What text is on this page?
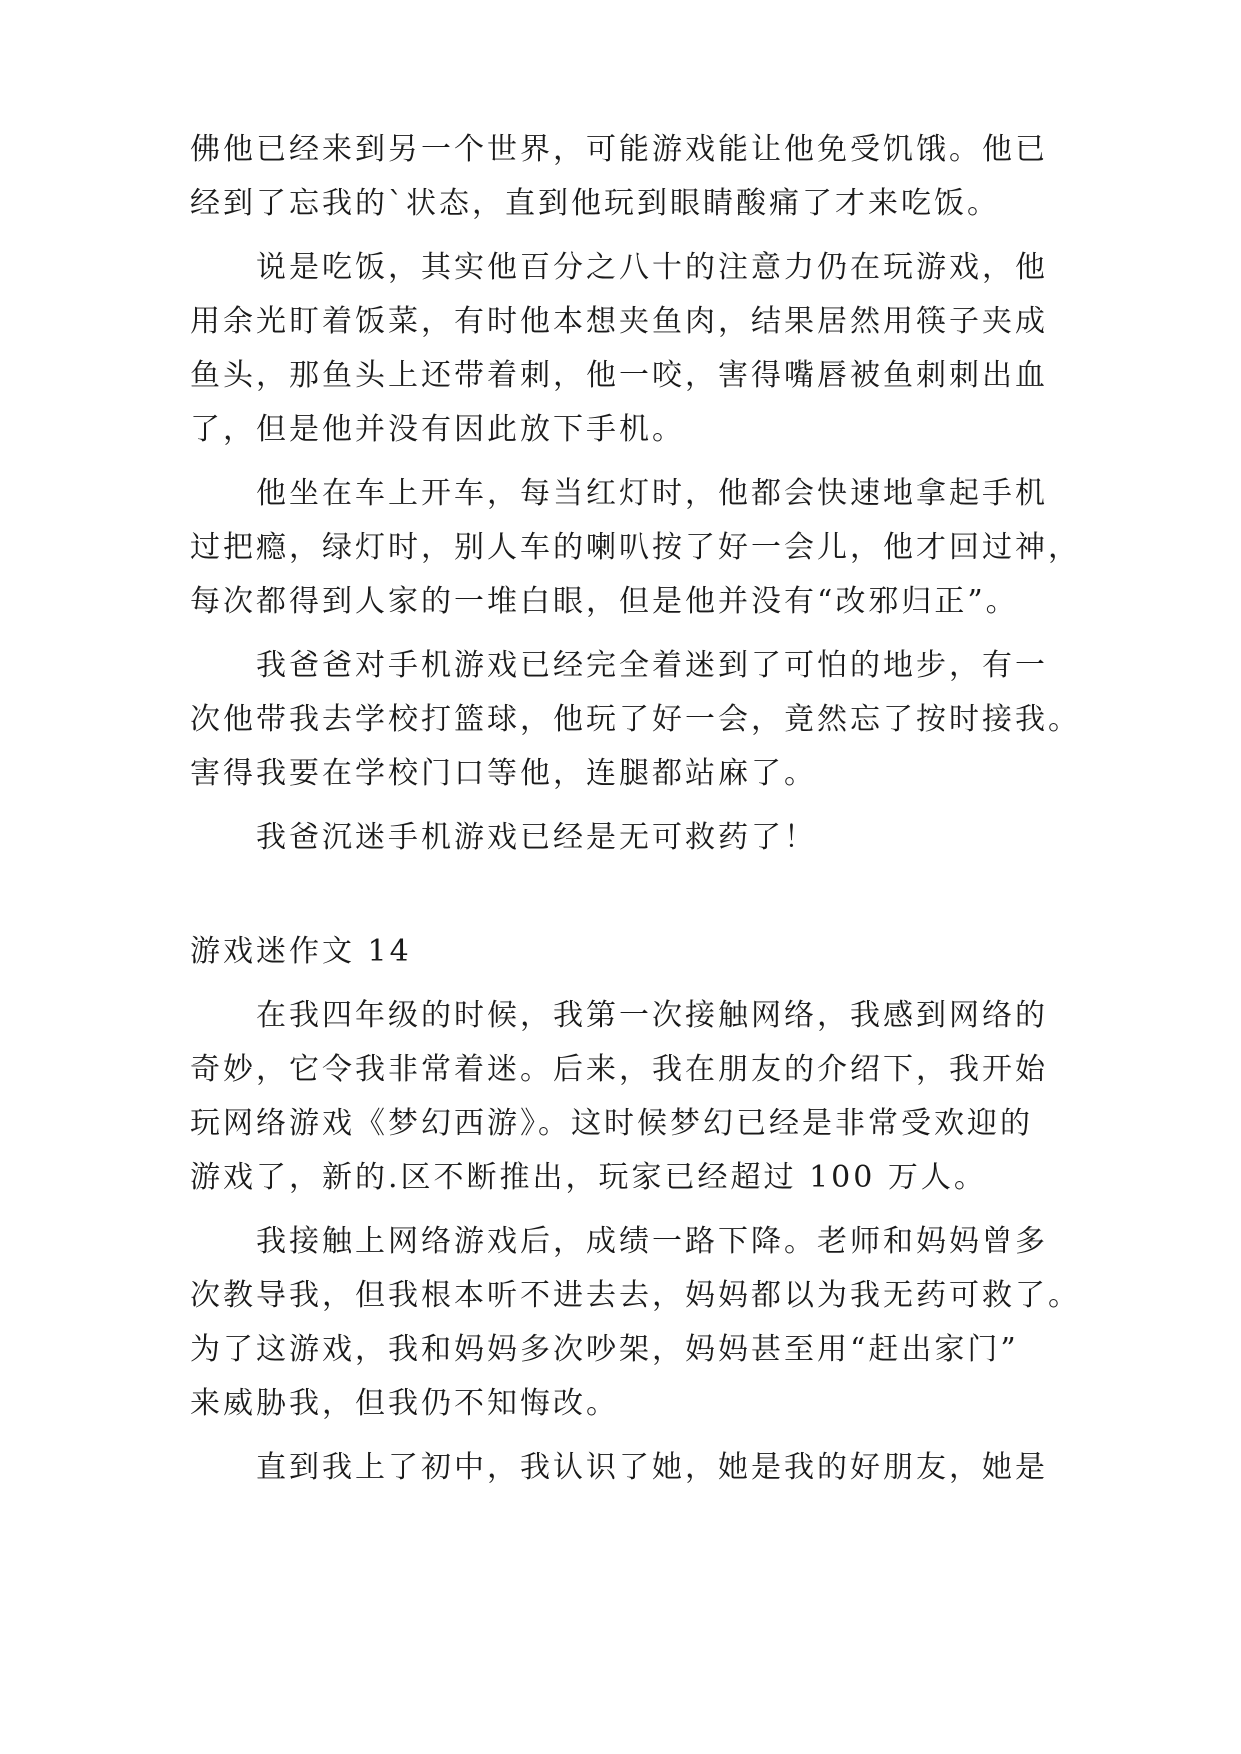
佛他已经来到另一个世界，可能游戏能让他免受饥饿。他已
经到了忘我的`状态，直到他玩到眼睛酸痛了才来吃饭。
说是吃饭，其实他百分之八十的注意力仍在玩游戏，他
用余光盯着饭菜，有时他本想夹鱼肉，结果居然用筷子夹成
鱼头，那鱼头上还带着刺，他一咬，害得嘴唇被鱼刺刺出血
了，但是他并没有因此放下手机。
他坐在车上开车，每当红灯时，他都会快速地拿起手机
过把瘾，绿灯时，别人车的喇叭按了好一会儿，他才回过神，
每次都得到人家的一堆白眼，但是他并没有“改邪归正”。
我爸爸对手机游戏已经完全着迷到了可怕的地步，有一
次他带我去学校打篮球，他玩了好一会，竟然忘了按时接我。
害得我要在学校门口等他，连腿都站麻了。
我爸沉迷手机游戏已经是无可救药了！
游戏迷作文 14
在我四年级的时候，我第一次接触网络，我感到网络的
奇妙，它令我非常着迷。后来，我在朋友的介绍下，我开始
玩网络游戏《梦幻西游》。这时候梦幻已经是非常受欢迎的
游戏了，新的.区不断推出，玩家已经超过 100 万人。
我接触上网络游戏后，成绩一路下降。老师和妈妈曾多
次教导我，但我根本听不进去去，妈妈都以为我无药可救了。
为了这游戏，我和妈妈多次吵架，妈妈甚至用“赶出家门”
来威胁我，但我仍不知悔改。
直到我上了初中，我认识了她，她是我的好朋友，她是
